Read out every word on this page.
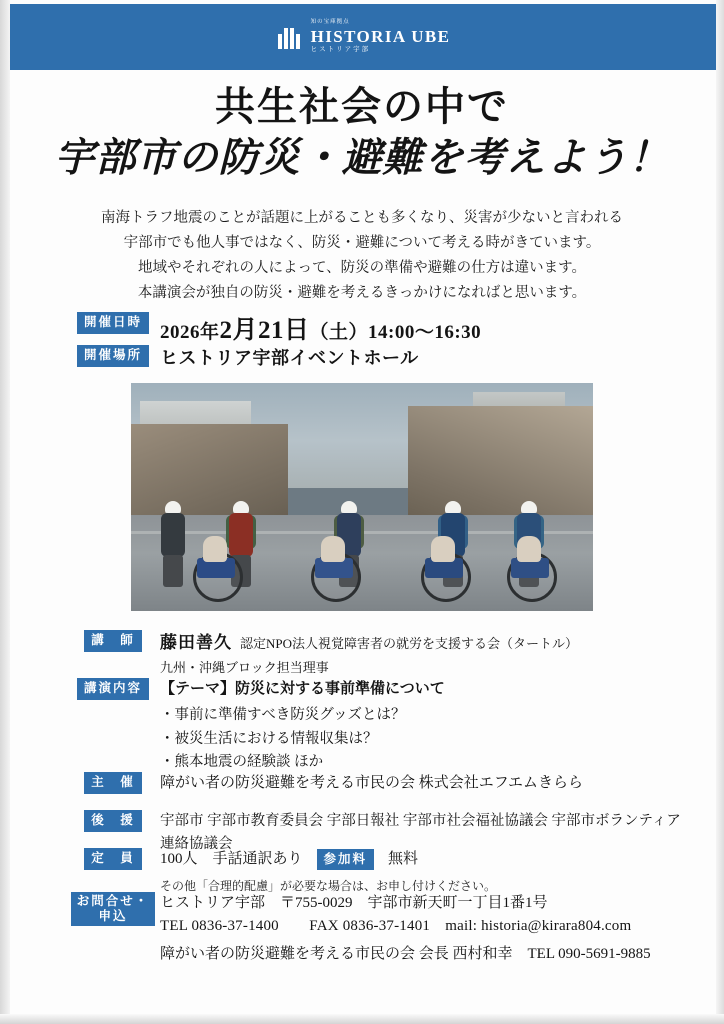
知の宝庫拠点
HISTORIA UBE
ヒストリア宇部
共生社会の中で
宇部市の防災・避難を考えよう！
南海トラフ地震のことが話題に上がることも多くなり、災害が少ないと言われる
宇部市でも他人事ではなく、防災・避難について考える時がきています。
地域やそれぞれの人によって、防災の準備や避難の仕方は違います。
本講演会が独自の防災・避難を考えるきっかけになればと思います。
開催日時 2026年2月21日（土）14:00〜16:30
開催場所	ヒストリア宇部イベントホール
講　師	藤田善久 認定NPO法人視覚障害者の就労を支援する会（タートル）
九州・沖縄ブロック担当理事
講演内容	【テーマ】防災に対する事前準備について
・事前に準備すべき防災グッズとは？
・被災生活における情報収集は？
・熊本地震の経験談 ほか
主　催	障がい者の防災避難を考える市民の会 株式会社エフエムきらら
後　援	宇部市 宇部市教育委員会 宇部日報社 宇部市社会福祉協議会 宇部市ボランティア連絡協議会
定　員	100人　手話通訳あり	参加料	無料
その他「合理的配慮」が必要な場合は、お申し付けください。
お問合せ・
申込
ヒストリア宇部　〒755-0029　宇部市新天町一丁目1番1号
TEL 0836-37-1400　　FAX 0836-37-1401　mail: historia@kirara804.com
障がい者の防災避難を考える市民の会 会長 西村和幸　TEL 090-5691-9885
